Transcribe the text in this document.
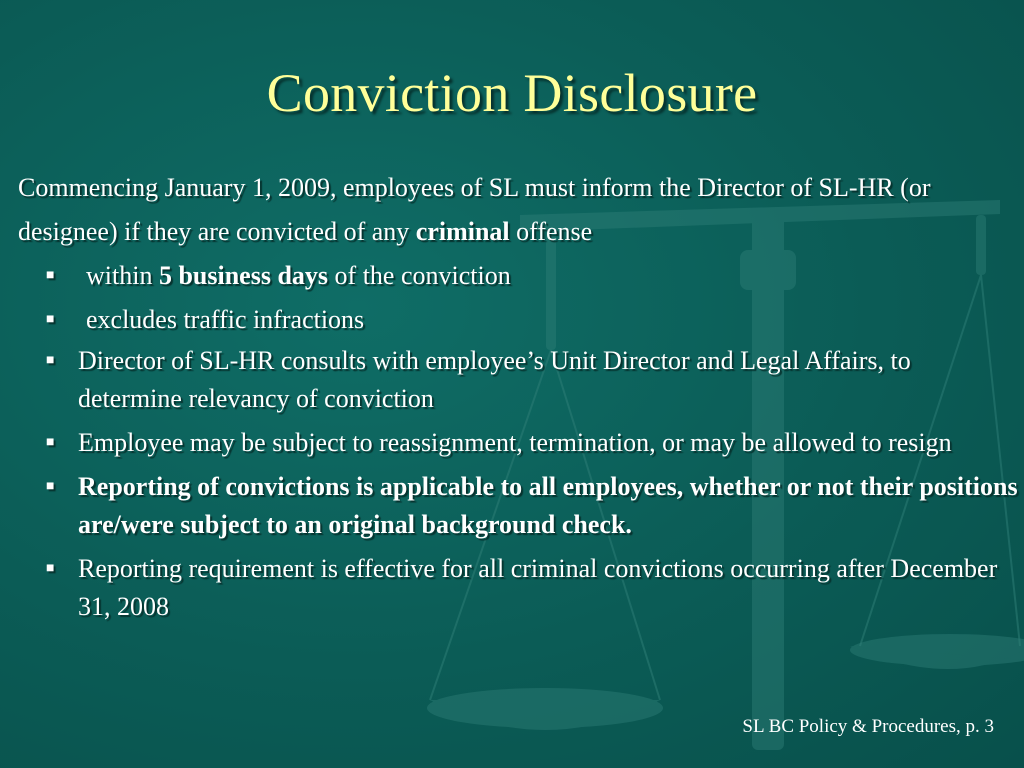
Conviction Disclosure

Commencing January 1, 2009, employees of SL must inform the Director of SL-HR (or designee) if they are convicted of any criminal offense

■ within 5 business days of the conviction
■ excludes traffic infractions
■ Director of SL-HR consults with employee’s Unit Director and Legal Affairs, to determine relevancy of conviction
■ Employee may be subject to reassignment, termination, or may be allowed to resign
■ Reporting of convictions is applicable to all employees, whether or not their positions are/were subject to an original background check.
■ Reporting requirement is effective for all criminal convictions occurring after December 31, 2008
SL BC Policy & Procedures, p. 3
